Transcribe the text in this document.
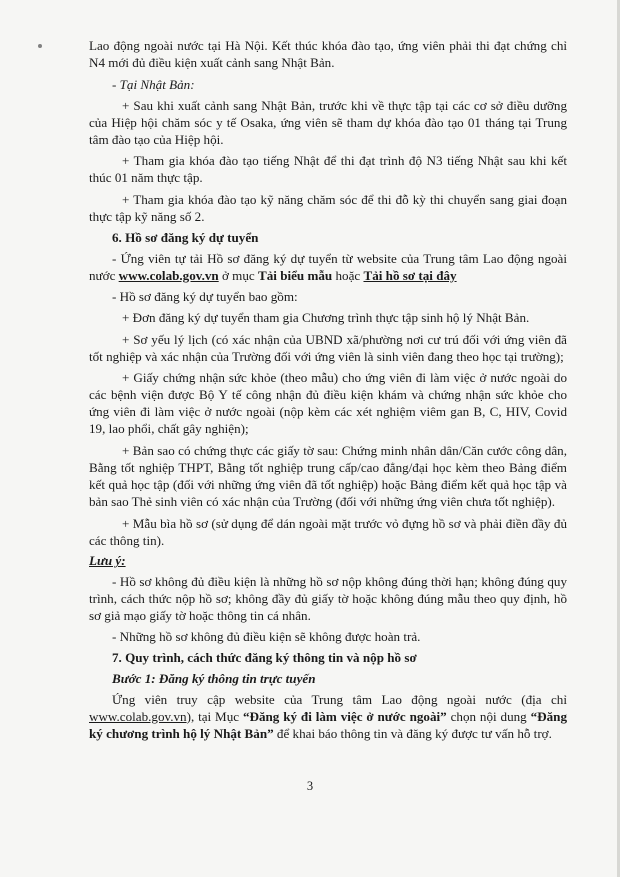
Lao động ngoài nước tại Hà Nội. Kết thúc khóa đào tạo, ứng viên phải thi đạt chứng chỉ N4 mới đủ điều kiện xuất cảnh sang Nhật Bản.

- Tại Nhật Bản:

+ Sau khi xuất cảnh sang Nhật Bản, trước khi về thực tập tại các cơ sở điều dưỡng của Hiệp hội chăm sóc y tế Osaka, ứng viên sẽ tham dự khóa đào tạo 01 tháng tại Trung tâm đào tạo của Hiệp hội.

+ Tham gia khóa đào tạo tiếng Nhật để thi đạt trình độ N3 tiếng Nhật sau khi kết thúc 01 năm thực tập.

+ Tham gia khóa đào tạo kỹ năng chăm sóc để thi đỗ kỳ thi chuyển sang giai đoạn thực tập kỹ năng số 2.

6. Hồ sơ đăng ký dự tuyển

- Ứng viên tự tải Hồ sơ đăng ký dự tuyển từ website của Trung tâm Lao động ngoài nước www.colab.gov.vn ở mục Tải biểu mẫu hoặc Tải hồ sơ tại đây

- Hồ sơ đăng ký dự tuyển bao gồm:

+ Đơn đăng ký dự tuyển tham gia Chương trình thực tập sinh hộ lý Nhật Bản.

+ Sơ yếu lý lịch (có xác nhận của UBND xã/phường nơi cư trú đối với ứng viên đã tốt nghiệp và xác nhận của Trường đối với ứng viên là sinh viên đang theo học tại trường);

+ Giấy chứng nhận sức khỏe (theo mẫu) cho ứng viên đi làm việc ở nước ngoài do các bệnh viện được Bộ Y tế công nhận đủ điều kiện khám và chứng nhận sức khỏe cho ứng viên đi làm việc ở nước ngoài (nộp kèm các xét nghiệm viêm gan B, C, HIV, Covid 19, lao phổi, chất gây nghiện);

+ Bản sao có chứng thực các giấy tờ sau: Chứng minh nhân dân/Căn cước công dân, Bằng tốt nghiệp THPT, Bằng tốt nghiệp trung cấp/cao đẳng/đại học kèm theo Bảng điểm kết quả học tập (đối với những ứng viên đã tốt nghiệp) hoặc Bảng điểm kết quả học tập và bản sao Thẻ sinh viên có xác nhận của Trường (đối với những ứng viên chưa tốt nghiệp).

+ Mẫu bìa hồ sơ (sử dụng để dán ngoài mặt trước vỏ đựng hồ sơ và phải điền đầy đủ các thông tin).

Lưu ý:

- Hồ sơ không đủ điều kiện là những hồ sơ nộp không đúng thời hạn; không đúng quy trình, cách thức nộp hồ sơ; không đầy đủ giấy tờ hoặc không đúng mẫu theo quy định, hồ sơ giả mạo giấy tờ hoặc thông tin cá nhân.

- Những hồ sơ không đủ điều kiện sẽ không được hoàn trả.

7. Quy trình, cách thức đăng ký thông tin và nộp hồ sơ

Bước 1: Đăng ký thông tin trực tuyến

Ứng viên truy cập website của Trung tâm Lao động ngoài nước (địa chỉ www.colab.gov.vn), tại Mục “Đăng ký đi làm việc ở nước ngoài” chọn nội dung “Đăng ký chương trình hộ lý Nhật Bản” để khai báo thông tin và đăng ký được tư vấn hỗ trợ.

3
